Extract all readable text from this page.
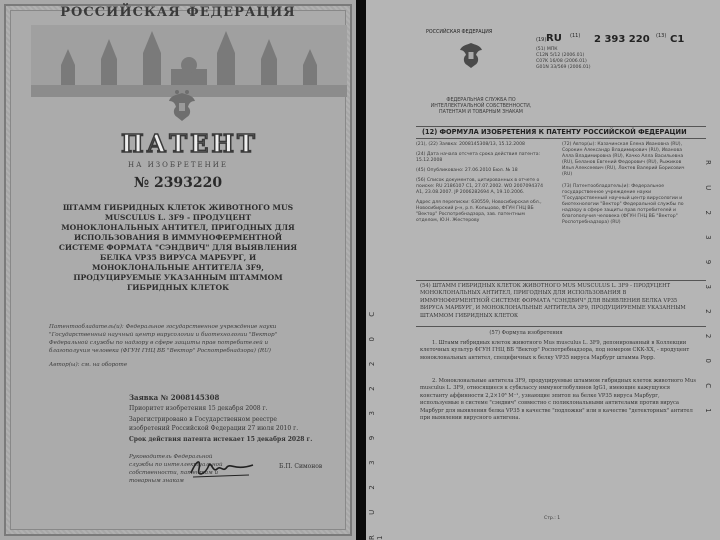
РОССИЙСКАЯ ФЕДЕРАЦИЯ
ПАТЕНТ
НА ИЗОБРЕТЕНИЕ
№ 2393220
ШТАММ ГИБРИДНЫХ КЛЕТОК ЖИВОТНОГО MUS MUSCULUS L. 3F9 - ПРОДУЦЕНТ МОНОКЛОНАЛЬНЫХ АНТИТЕЛ, ПРИГОДНЫХ ДЛЯ ИСПОЛЬЗОВАНИЯ В ИММУНОФЕРМЕНТНОЙ СИСТЕМЕ ФОРМАТА "СЭНДВИЧ" ДЛЯ ВЫЯВЛЕНИЯ БЕЛКА VP35 ВИРУСА МАРБУРГ, И МОНОКЛОНАЛЬНЫЕ АНТИТЕЛА 3F9, ПРОДУЦИРУЕМЫЕ УКАЗАННЫМ ШТАММОМ ГИБРИДНЫХ КЛЕТОК
Патентообладатель(и): Федеральное государственное учреждение науки "Государственный научный центр вирусологии и биотехнологии "Вектор" Федеральной службы по надзору в сфере защиты прав потребителей и благополучия человека (ФГУН ГНЦ ВБ "Вектор" Роспотребнадзора) (RU)
Автор(ы): см. на обороте
Заявка № 2008145308
Приоритет изобретения 15 декабря 2008 г.
Зарегистрировано в Государственном реестре изобретений Российской Федерации 27 июля 2010 г.
Срок действия патента истекает 15 декабря 2028 г.
Руководитель Федеральной службы по интеллектуальной собственности, патентам и товарным знакам
Б.П. Симонов
РОССИЙСКАЯ ФЕДЕРАЦИЯ
(19) RU (11) 2 393 220 (13) C1
(51) МПК
C12N 5/12 (2006.01)
C07K 16/08 (2006.01)
G01N 33/569 (2006.01)
ФЕДЕРАЛЬНАЯ СЛУЖБА ПО ИНТЕЛЛЕКТУАЛЬНОЙ СОБСТВЕННОСТИ, ПАТЕНТАМ И ТОВАРНЫМ ЗНАКАМ
(12) ФОРМУЛА ИЗОБРЕТЕНИЯ К ПАТЕНТУ РОССИЙСКОЙ ФЕДЕРАЦИИ
(21), (22) Заявка: 2008145308/13, 15.12.2008
(24) Дата начала отсчета срока действия патента: 15.12.2008
(45) Опубликовано: 27.06.2010 Бюл. № 18
(56) Список документов, цитированных в отчете о поиске: RU 2186107 C1, 27.07.2002. WO 2007094374 A1, 23.08.2007. JP 2006282694 A, 19.10.2006.
Адрес для переписки: 630559, Новосибирская обл., Новосибирский р-н, р.п. Кольцово, ФГУН ГНЦ ВБ "Вектор" Роспотребнадзора, зав. патентным отделом, Ю.Н. Жестерову
(72) Автор(ы): Казачинская Елена Ивановна (RU), Сорокин Александр Владимирович (RU), Иванова Алла Владимировна (RU), Качко Алла Васильевна (RU), Беланов Евгений Федорович (RU), Рыжиков Илья Алексеевич (RU), Локтев Валерий Борисович (RU)
(73) Патентообладатель(и): Федеральное государственное учреждение науки "Государственный научный центр вирусологии и биотехнологии "Вектор" Федеральной службы по надзору в сфере защиты прав потребителей и благополучия человека (ФГУН ГНЦ ВБ "Вектор" Роспотребнадзора) (RU)	R U 2 3 9 3 2 2 0 C 1
R U 2 3 9 3 2 2 0 C 1
(54) ШТАММ ГИБРИДНЫХ КЛЕТОК ЖИВОТНОГО MUS MUSCULUS L. 3F9 - ПРОДУЦЕНТ МОНОКЛОНАЛЬНЫХ АНТИТЕЛ, ПРИГОДНЫХ ДЛЯ ИСПОЛЬЗОВАНИЯ В ИММУНОФЕРМЕНТНОЙ СИСТЕМЕ ФОРМАТА "СЭНДВИЧ" ДЛЯ ВЫЯВЛЕНИЯ БЕЛКА VP35 ВИРУСА МАРБУРГ, И МОНОКЛОНАЛЬНЫЕ АНТИТЕЛА 3F9, ПРОДУЦИРУЕМЫЕ УКАЗАННЫМ ШТАММОМ ГИБРИДНЫХ КЛЕТОК
(57) Формула изобретения
1. Штамм гибридных клеток животного Mus musculus L. 3F9, депонированный в Коллекции клеточных культур ФГУН ГНЦ ВБ "Вектор" Роспотребнадзора, под номером СКК-ХХ, - продуцент моноклональных антител, специфичных к белку VP35 вируса Марбург штамма Popp.
2. Моноклональные антитела 3F9, продуцируемые штаммом гибридных клеток животного Mus musculus L. 3F9, относящиеся к субклассу иммуноглобулинов IgG1, имеющие кажущуюся константу аффинности 2,2×10⁸ М⁻¹, узнающие эпитоп на белке VP35 вируса Марбург, используемые в системе "сэндвич" совместно с поликлональными антителами против вируса Марбург для выявления белка VP35 в качестве "подложки" или в качестве "детекторных" антител при выявлении вирусного антигена.
Стр.: 1
